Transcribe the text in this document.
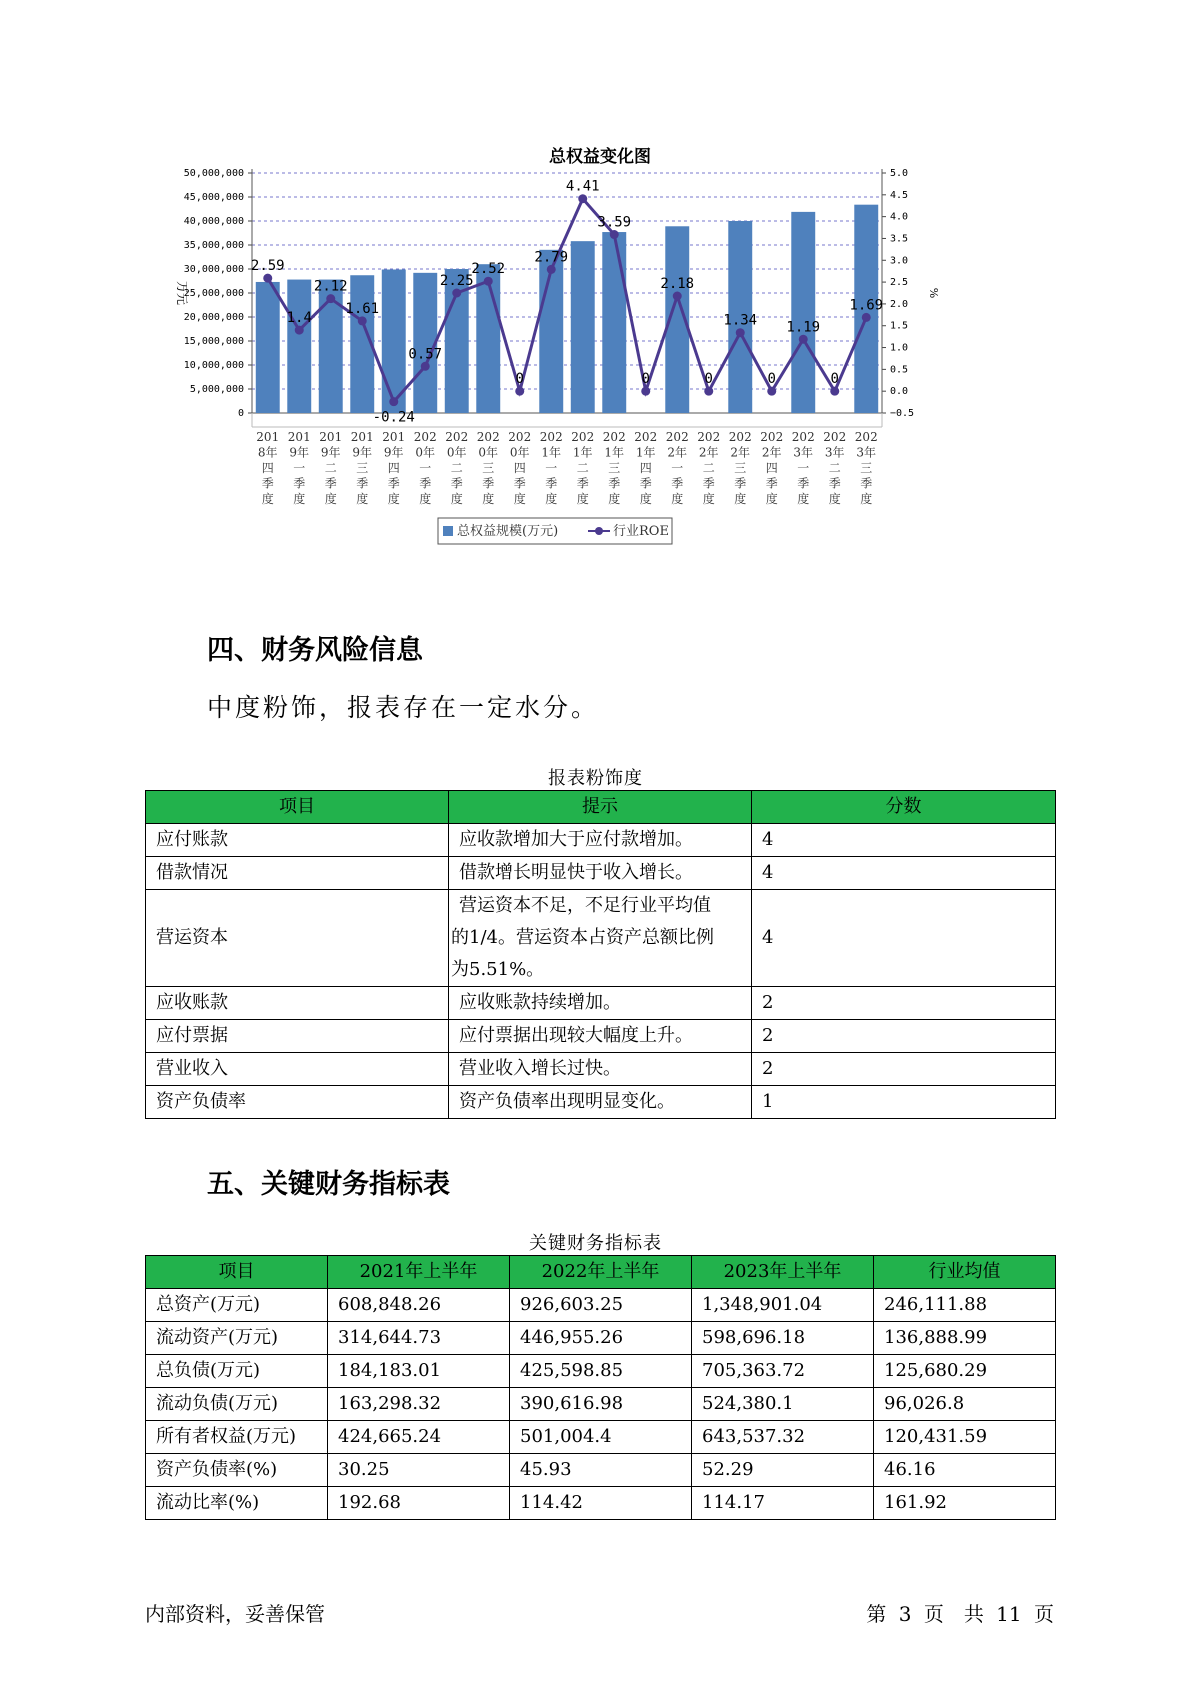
总权益变化图
0
5,000,000
10,000,000
15,000,000
20,000,000
25,000,000
30,000,000
35,000,000
40,000,000
45,000,000
50,000,000
−0.5
0.0
0.5
1.0
1.5
2.0
2.5
3.0
3.5
4.0
4.5
5.0
万元	%
2.59
1.4
2.12
1.61
-0.24
0.57
2.25
2.52
0
2.79
4.41
3.59
0
2.18
0
1.34
0
1.19
0
1.69
201
8年
四
季
度
201
9年
一
季
度
201
9年
二
季
度
201
9年
三
季
度
201
9年
四
季
度
202
0年
一
季
度
202
0年
二
季
度
202
0年
三
季
度
202
0年
四
季
度
202
1年
一
季
度
202
1年
二
季
度
202
1年
三
季
度
202
1年
四
季
度
202
2年
一
季
度
202
2年
二
季
度
202
2年
三
季
度
202
2年
四
季
度
202
3年
一
季
度
202
3年
二
季
度
202
3年
三
季
度
总权益规模(万元)	行业ROE
四、财务风险信息
中度粉饰，报表存在一定水分。
报表粉饰度
项目	提示	分数
应付账款	应收款增加大于应付款增加。	4
借款情况	借款增长明显快于收入增长。	4
营运资本	营运资本不足，不足行业平均值
的1/4。营运资本占资产总额比例
为5.51%。	4
应收账款	应收账款持续增加。	2
应付票据	应付票据出现较大幅度上升。	2
营业收入	营业收入增长过快。	2
资产负债率	资产负债率出现明显变化。	1
五、关键财务指标表
关键财务指标表
项目	2021年上半年	2022年上半年	2023年上半年	行业均值
总资产(万元)	608,848.26	926,603.25	1,348,901.04	246,111.88
流动资产(万元)	314,644.73	446,955.26	598,696.18	136,888.99
总负债(万元)	184,183.01	425,598.85	705,363.72	125,680.29
流动负债(万元)	163,298.32	390,616.98	524,380.1	96,026.8
所有者权益(万元)	424,665.24	501,004.4	643,537.32	120,431.59
资产负债率(%)	30.25	45.93	52.29	46.16
流动比率(%)	192.68	114.42	114.17	161.92
内部资料，妥善保管	第 3 页　共 11 页
